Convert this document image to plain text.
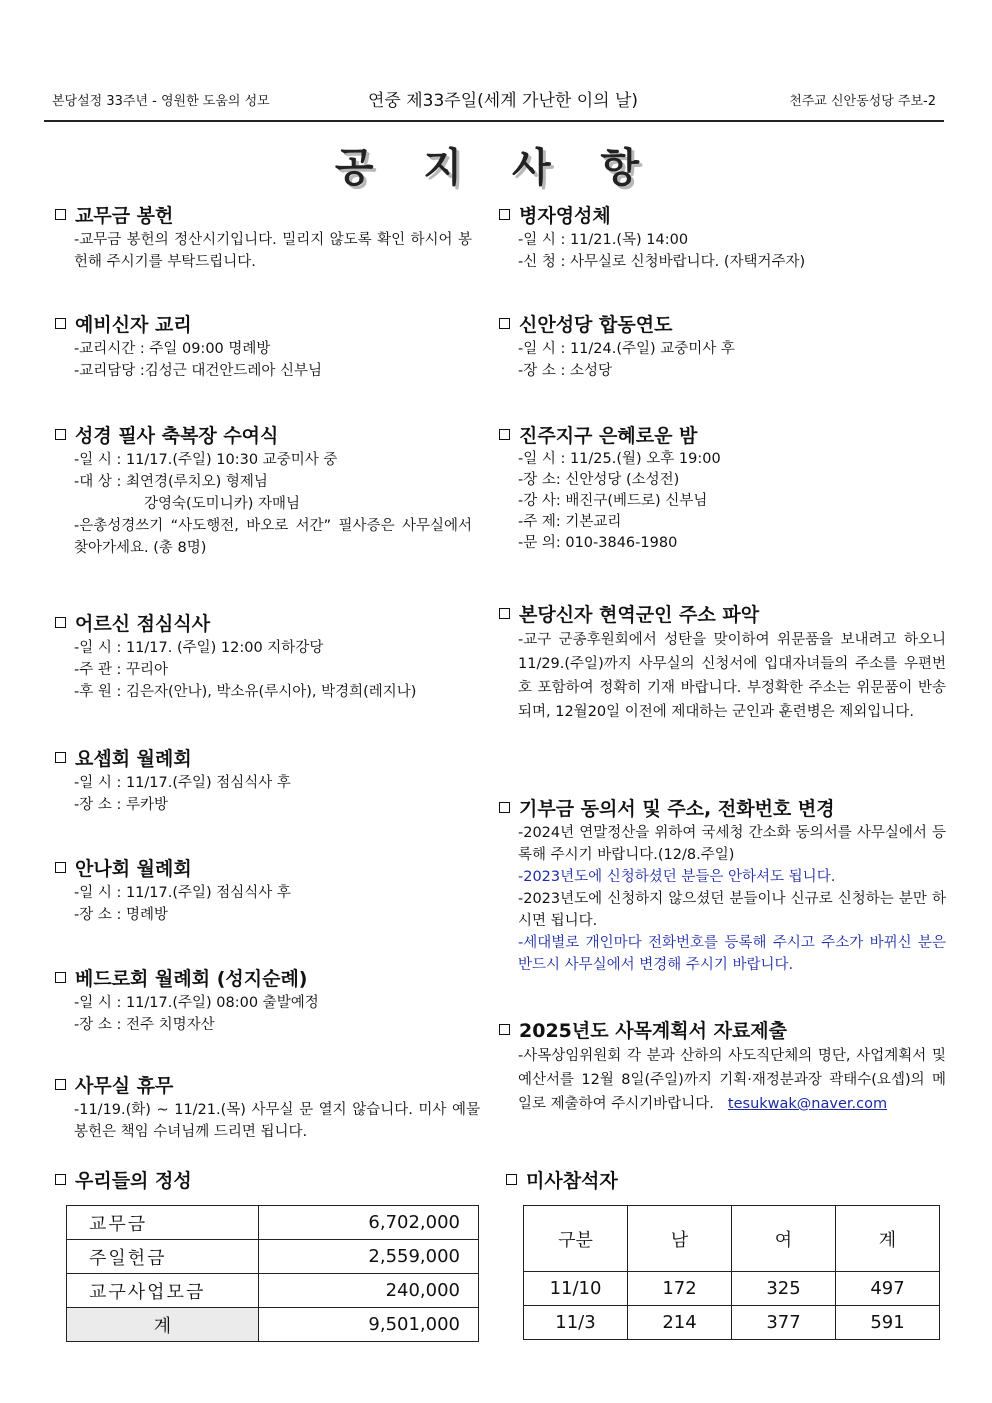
본당설정 33주년 - 영원한 도움의 성모	연중 제33주일(세계 가난한 이의 날)	천주교 신안동성당 주보-2
공 지 사 항
교무금 봉헌
-교무금 봉헌의 정산시기입니다. 밀리지 않도록 확인 하시어 봉헌해 주시기를 부탁드립니다.
예비신자 교리
-교리시간 : 주일 09:00 명례방
-교리담당 :김성근 대건안드레아 신부님
성경 필사 축복장 수여식
-일 시 : 11/17.(주일) 10:30 교중미사 중
-대 상 : 최연경(루치오) 형제님
강영숙(도미니카) 자매님
-은총성경쓰기 “사도행전, 바오로 서간” 필사증은 사무실에서 찾아가세요. (총 8명)
어르신 점심식사
-일 시 : 11/17. (주일) 12:00 지하강당
-주 관 : 꾸리아
-후 원 : 김은자(안나), 박소유(루시아), 박경희(레지나)
요셉회 월례회
-일 시 : 11/17.(주일) 점심식사 후
-장 소 : 루카방
안나회 월례회
-일 시 : 11/17.(주일) 점심식사 후
-장 소 : 명례방
베드로회 월례회 (성지순례)
-일 시 : 11/17.(주일) 08:00 출발예정
-장 소 : 전주 치명자산
사무실 휴무
-11/19.(화) ~ 11/21.(목) 사무실 문 열지 않습니다. 미사 예물봉헌은 책임 수녀님께 드리면 됩니다.
병자영성체
-일 시 : 11/21.(목) 14:00
-신 청 : 사무실로 신청바랍니다. (자택거주자)
신안성당 합동연도
-일 시 : 11/24.(주일) 교중미사 후
-장 소 : 소성당
진주지구 은혜로운 밤
-일 시 : 11/25.(월) 오후 19:00
-장 소: 신안성당 (소성전)
-강 사: 배진구(베드로) 신부님
-주 제: 기본교리
-문 의: 010-3846-1980
본당신자 현역군인 주소 파악
-교구 군종후원회에서 성탄을 맞이하여 위문품을 보내려고 하오니 11/29.(주일)까지 사무실의 신청서에 입대자녀들의 주소를 우편번호 포함하여 정확히 기재 바랍니다. 부정확한 주소는 위문품이 반송되며, 12월20일 이전에 제대하는 군인과 훈련병은 제외입니다.
기부금 동의서 및 주소, 전화번호 변경
-2024년 연말정산을 위하여 국세청 간소화 동의서를 사무실에서 등록해 주시기 바랍니다.(12/8.주일)
-2023년도에 신청하셨던 분들은 안하셔도 됩니다.
-2023년도에 신청하지 않으셨던 분들이나 신규로 신청하는 분만 하시면 됩니다.
-세대별로 개인마다 전화번호를 등록해 주시고 주소가 바뀌신 분은 반드시 사무실에서 변경해 주시기 바랍니다.
2025년도 사목계획서 자료제출
-사목상임위원회 각 분과 산하의 사도직단체의 명단, 사업계획서 및 예산서를 12월 8일(주일)까지 기획·재정분과장 곽태수(요셉)의 메일로 제출하여 주시기바랍니다. tesukwak@naver.com
우리들의 정성
교무금	6,702,000
주일헌금	2,559,000
교구사업모금	240,000
계	9,501,000
미사참석자
구분	남	여	계
11/10	172	325	497
11/3	214	377	591
